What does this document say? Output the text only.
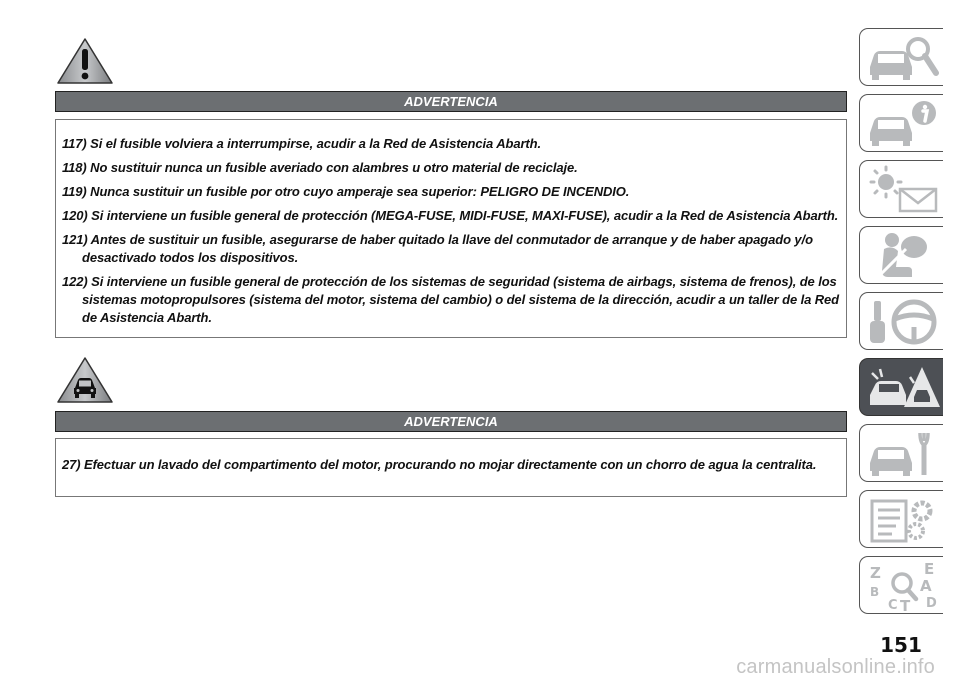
ADVERTENCIA

117) Si el fusible volviera a interrumpirse, acudir a la Red de Asistencia Abarth.

118) No sustituir nunca un fusible averiado con alambres u otro material de reciclaje.

119) Nunca sustituir un fusible por otro cuyo amperaje sea superior: PELIGRO DE INCENDIO.

120) Si interviene un fusible general de protección (MEGA-FUSE, MIDI-FUSE, MAXI-FUSE), acudir a la Red de Asistencia Abarth.

121) Antes de sustituir un fusible, asegurarse de haber quitado la llave del conmutador de arranque y de haber apagado y/o desactivado todos los dispositivos.

122) Si interviene un fusible general de protección de los sistemas de seguridad (sistema de airbags, sistema de frenos), de los sistemas motopropulsores (sistema del motor, sistema del cambio) o del sistema de la dirección, acudir a un taller de la Red de Asistencia Abarth.

ADVERTENCIA

27) Efectuar un lavado del compartimento del motor, procurando no mojar directamente con un chorro de agua la centralita.

Z	E
B	A
C D
T
151
carmanualsonline.info
